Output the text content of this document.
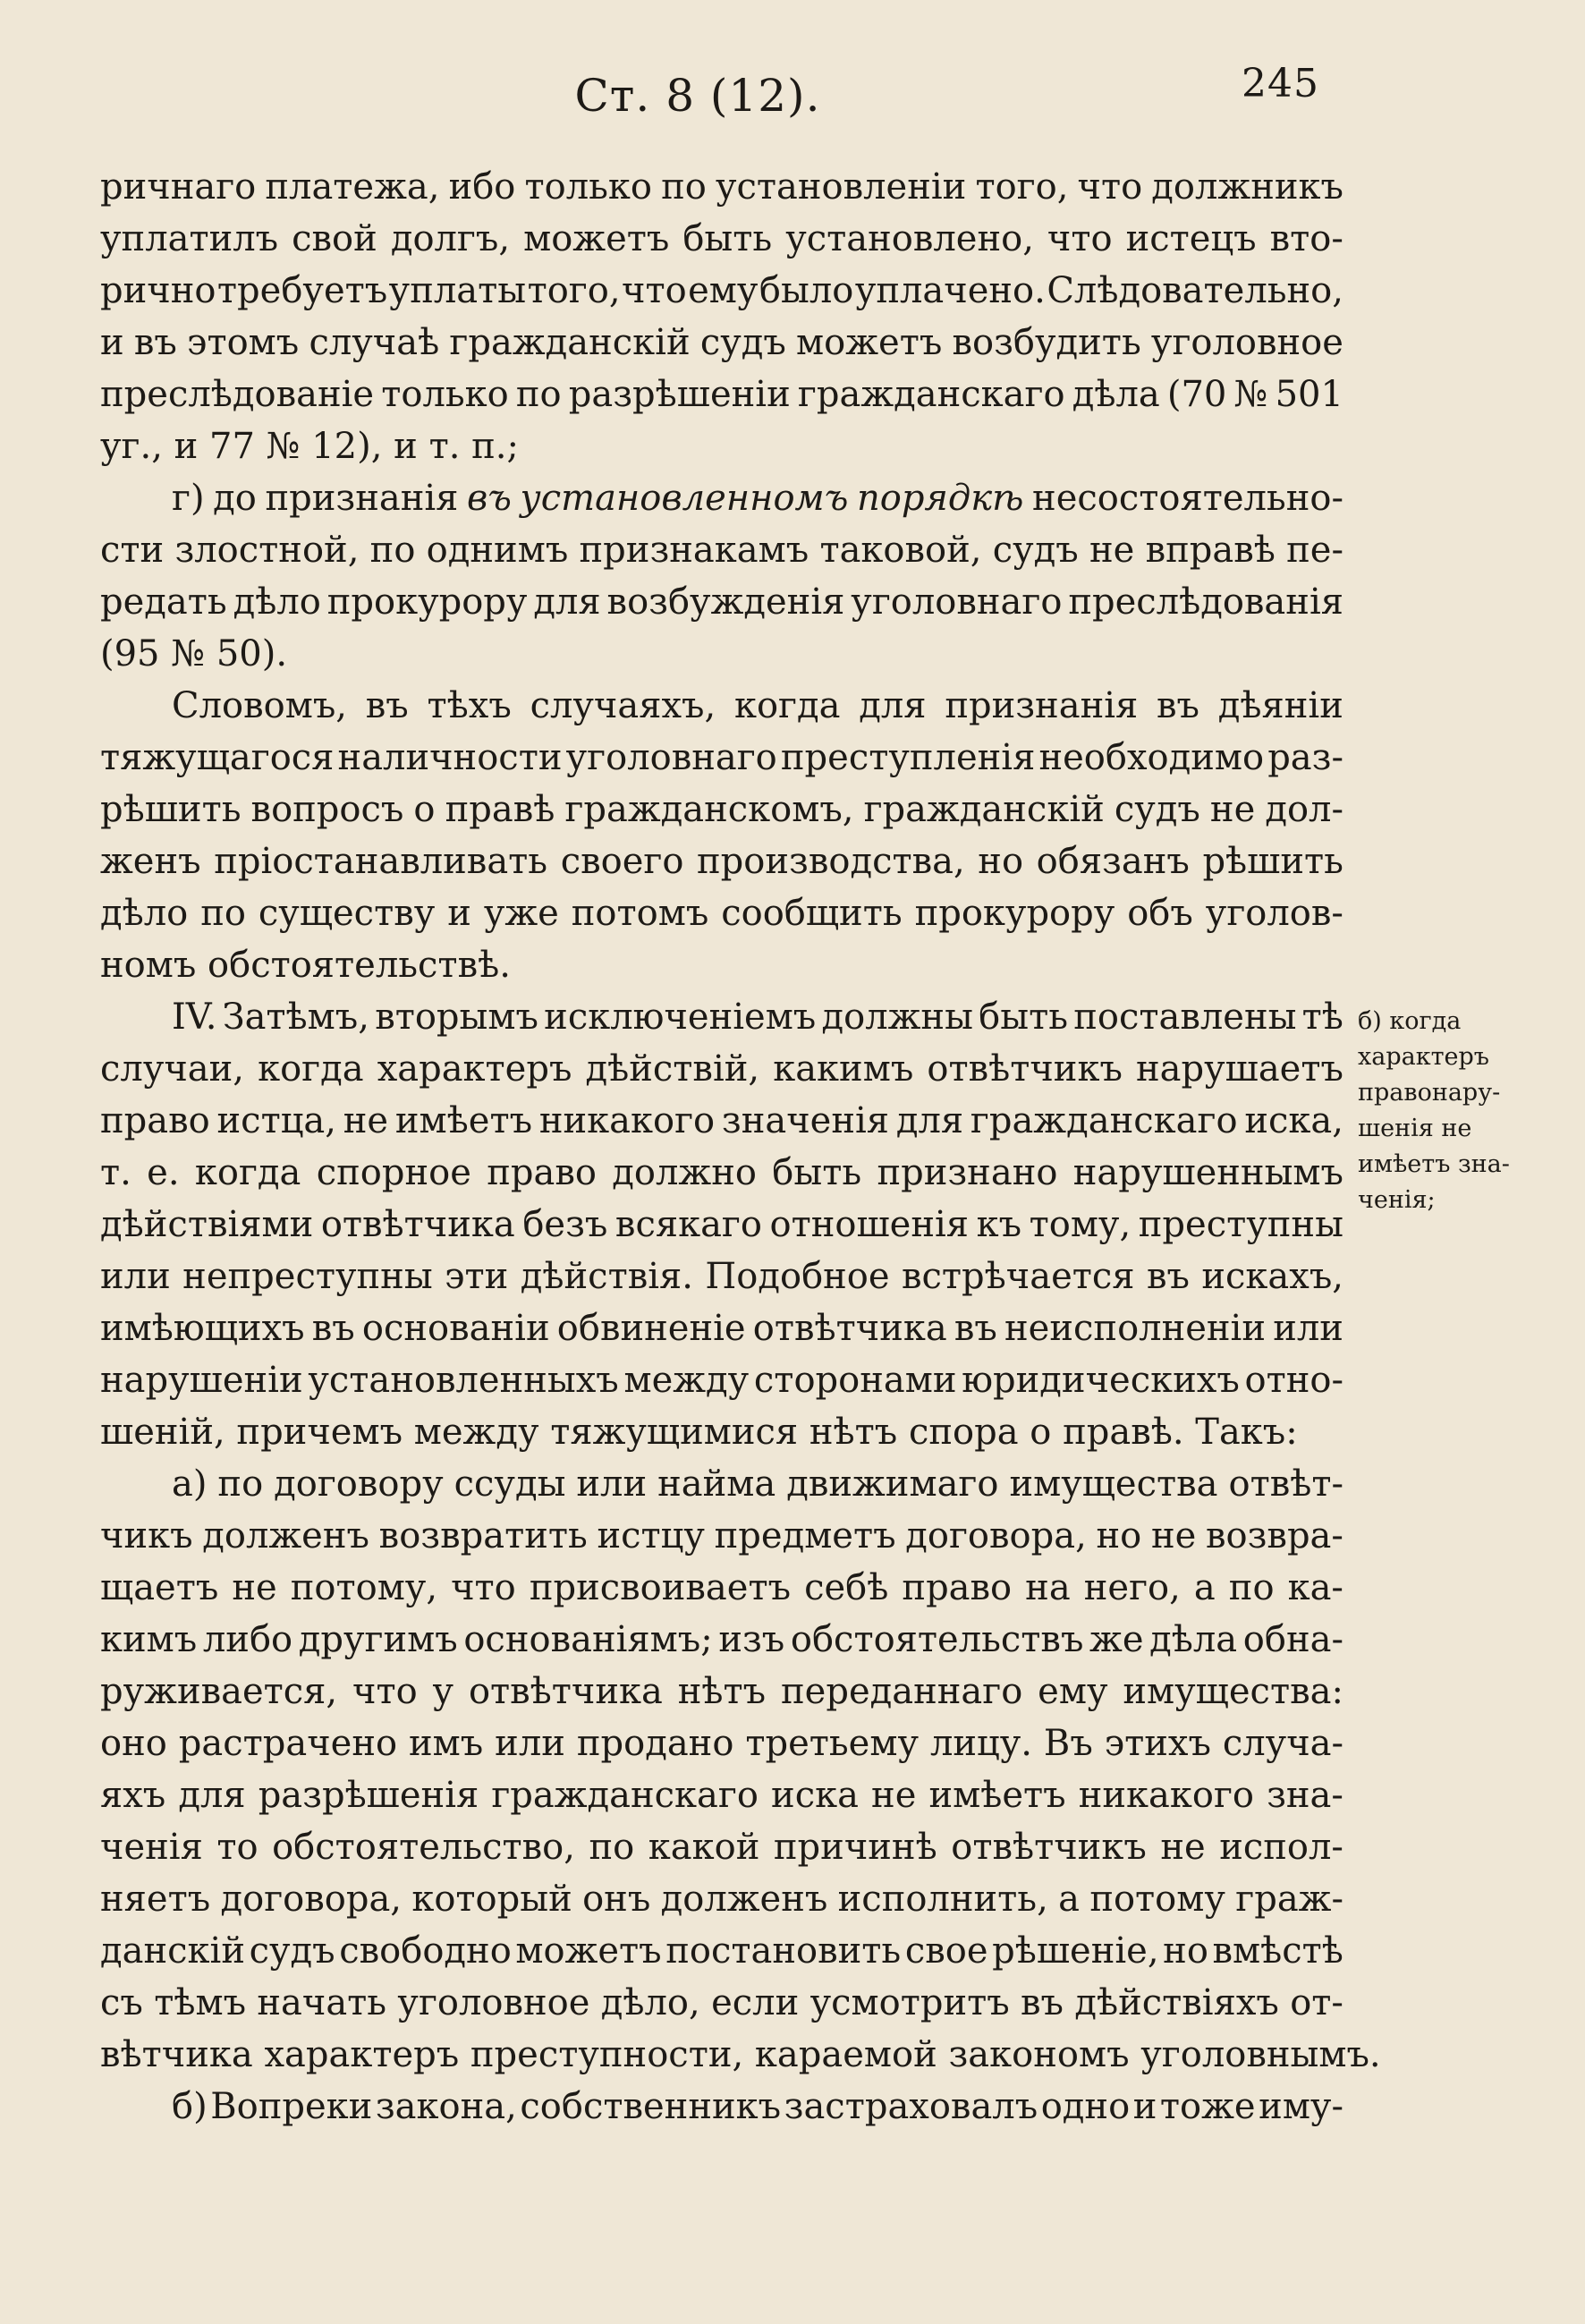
Ст. 8 (12).	245
ричнаго платежа, ибо только по установленіи того, что должникъ
уплатилъ свой долгъ, можетъ быть установлено, что истецъ вто-
рично требуетъ уплаты того, что ему было уплачено. Слѣдовательно,
и въ этомъ случаѣ гражданскій судъ можетъ возбудить уголовное
преслѣдованіе только по разрѣшеніи гражданскаго дѣла (70 № 501
уг.,
и
77
№
12),
и
т.
п.;
г) до признанія въ установленномъ порядкѣ несостоятельно-
сти злостной, по однимъ признакамъ таковой, судъ не вправѣ пе-
редать дѣло прокурору для возбужденія уголовнаго преслѣдованія
(95
№
50).
Словомъ, въ тѣхъ случаяхъ, когда для признанія въ дѣяніи
тяжущагося наличности уголовнаго преступленія необходимо раз-
рѣшить вопросъ о правѣ гражданскомъ, гражданскій судъ не дол-
женъ пріостанавливать своего производства, но обязанъ рѣшить
дѣло по существу и уже потомъ сообщить прокурору объ уголов-
номъ
обстоятельствѣ.
IV. Затѣмъ, вторымъ исключеніемъ должны быть поставлены тѣ
случаи, когда характеръ дѣйствій, какимъ отвѣтчикъ нарушаетъ
право истца, не имѣетъ никакого значенія для гражданскаго иска,
т. е. когда спорное право должно быть признано нарушеннымъ
дѣйствіями отвѣтчика безъ всякаго отношенія къ тому, преступны
или непреступны эти дѣйствія. Подобное встрѣчается въ искахъ,
имѣющихъ въ основаніи обвиненіе отвѣтчика въ неисполненіи или
нарушеніи установленныхъ между сторонами юридическихъ отно-
шеній,
причемъ
между
тяжущимися
нѣтъ
спора
о
правѣ.
Такъ:
а) по договору ссуды или найма движимаго имущества отвѣт-
чикъ долженъ возвратить истцу предметъ договора, но не возвра-
щаетъ не потому, что присвоиваетъ себѣ право на него, а по ка-
кимъ либо другимъ основаніямъ; изъ обстоятельствъ же дѣла обна-
руживается, что у отвѣтчика нѣтъ переданнаго ему имущества:
оно растрачено имъ или продано третьему лицу. Въ этихъ случа-
яхъ для разрѣшенія гражданскаго иска не имѣетъ никакого зна-
ченія то обстоятельство, по какой причинѣ отвѣтчикъ не испол-
няетъ договора, который онъ долженъ исполнить, а потому граж-
данскій судъ свободно можетъ постановить свое рѣшеніе, но вмѣстѣ
съ тѣмъ начать уголовное дѣло, если усмотритъ въ дѣйствіяхъ от-
вѣтчика
характеръ
преступности,
караемой
закономъ
уголовнымъ.
б) Вопреки закона, собственникъ застраховалъ одно и тоже иму-
б) когда
характеръ
правонару-
шенія не
имѣетъ зна-
ченія;
